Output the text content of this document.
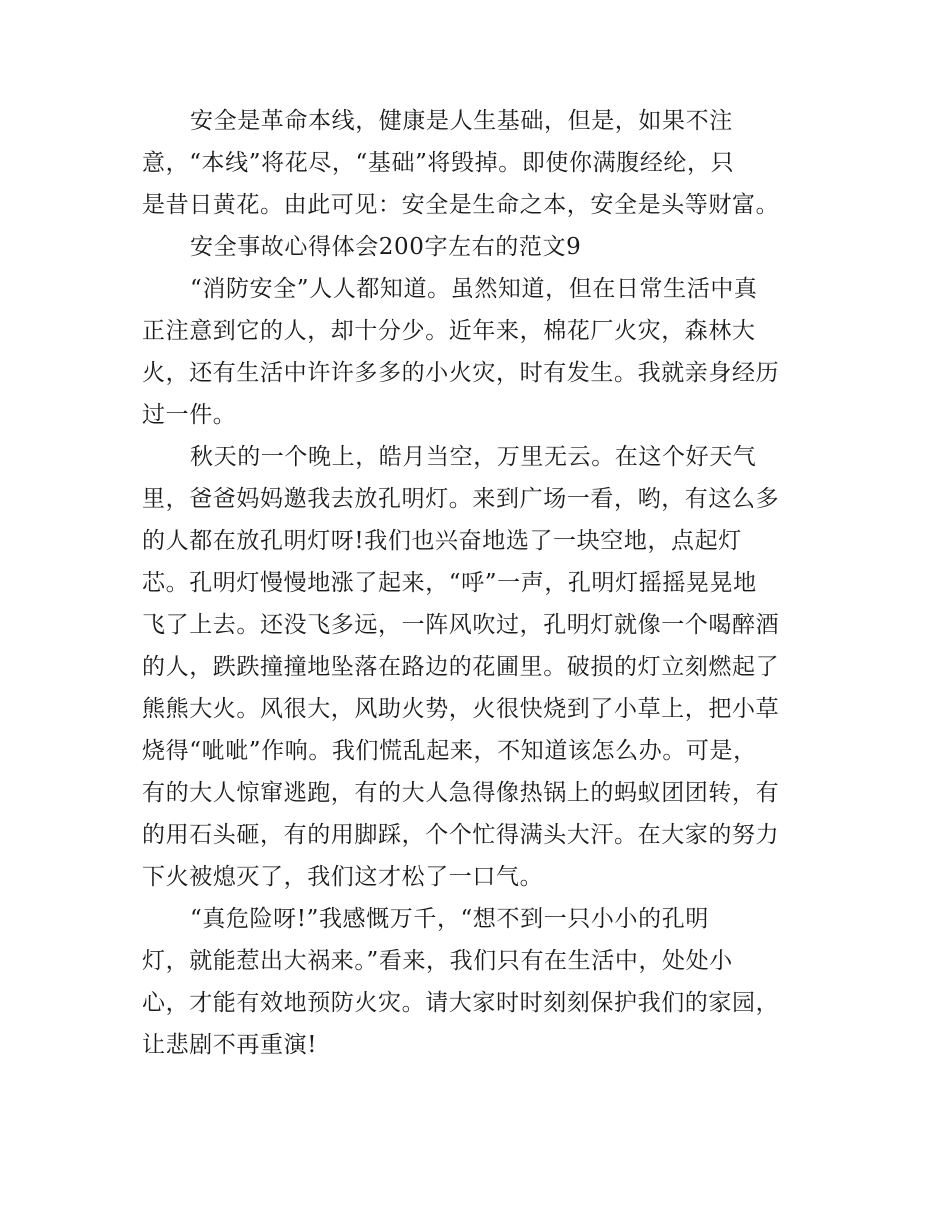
安全是革命本线，健康是人生基础，但是，如果不注
意，“本线”将花尽，“基础”将毁掉。即使你满腹经纶，只
是昔日黄花。由此可见：安全是生命之本，安全是头等财富。
安全事故心得体会200字左右的范文9
“消防安全”人人都知道。虽然知道，但在日常生活中真
正注意到它的人，却十分少。近年来，棉花厂火灾，森林大
火，还有生活中许许多多的小火灾，时有发生。我就亲身经历
过一件。
秋天的一个晚上，皓月当空，万里无云。在这个好天气
里，爸爸妈妈邀我去放孔明灯。来到广场一看，哟，有这么多
的人都在放孔明灯呀!我们也兴奋地选了一块空地，点起灯
芯。孔明灯慢慢地涨了起来，“呼”一声，孔明灯摇摇晃晃地
飞了上去。还没飞多远，一阵风吹过，孔明灯就像一个喝醉酒
的人，跌跌撞撞地坠落在路边的花圃里。破损的灯立刻燃起了
熊熊大火。风很大，风助火势，火很快烧到了小草上，把小草
烧得“呲呲”作响。我们慌乱起来，不知道该怎么办。可是，
有的大人惊窜逃跑，有的大人急得像热锅上的蚂蚁团团转，有
的用石头砸，有的用脚踩，个个忙得满头大汗。在大家的努力
下火被熄灭了，我们这才松了一口气。
“真危险呀!”我感慨万千，“想不到一只小小的孔明
灯，就能惹出大祸来。”看来，我们只有在生活中，处处小
心，才能有效地预防火灾。请大家时时刻刻保护我们的家园，
让悲剧不再重演!
